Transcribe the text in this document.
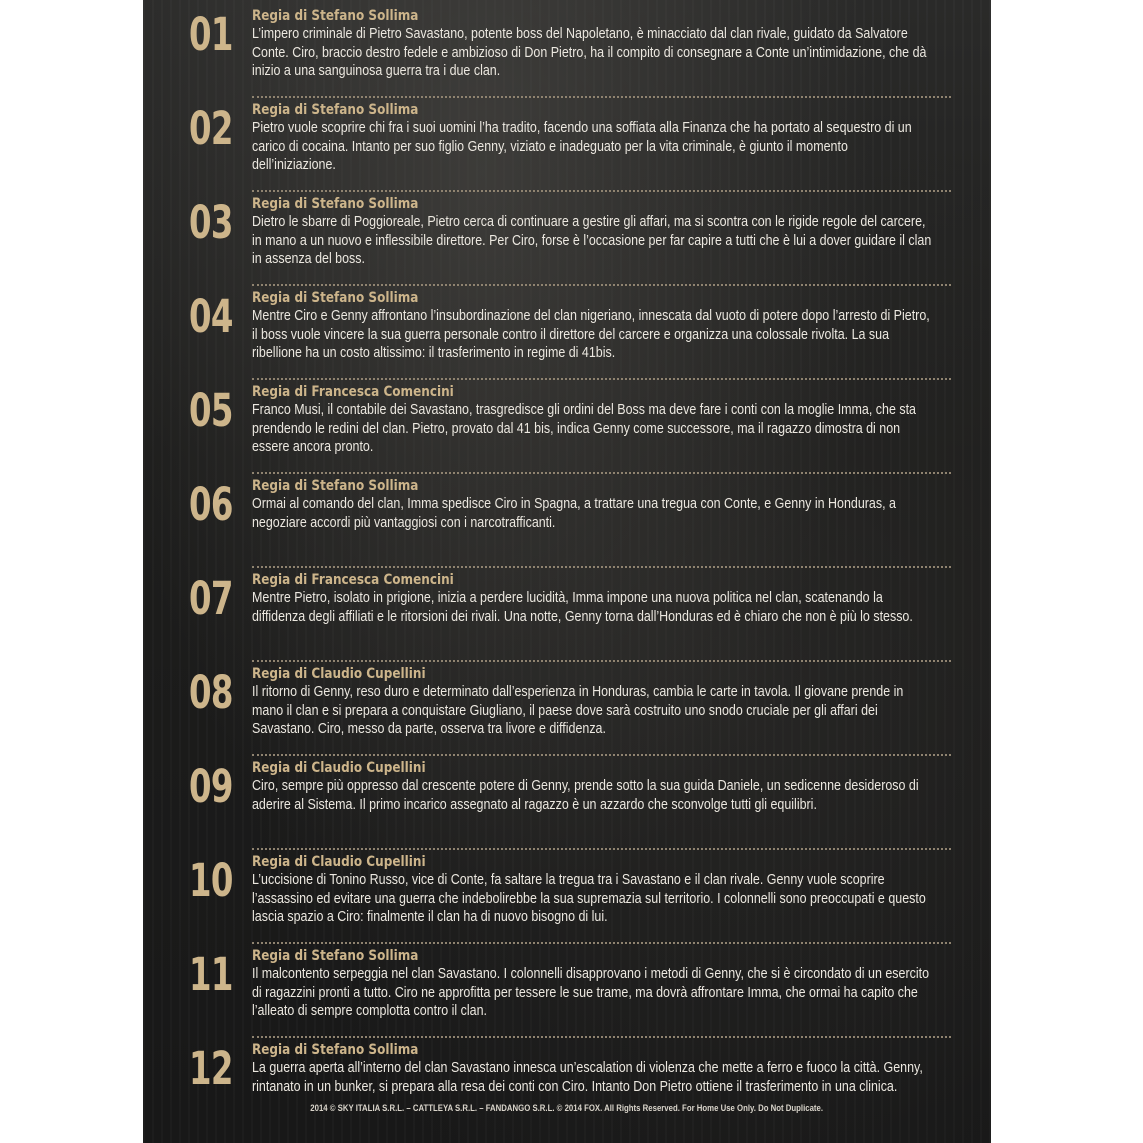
01 Regia di Stefano Sollima
L’impero criminale di Pietro Savastano, potente boss del Napoletano, è minacciato dal clan rivale, guidato da Salvatore Conte. Ciro, braccio destro fedele e ambizioso di Don Pietro, ha il compito di consegnare a Conte un’intimidazione, che dà inizio a una sanguinosa guerra tra i due clan.
02 Regia di Stefano Sollima
Pietro vuole scoprire chi fra i suoi uomini l’ha tradito, facendo una soffiata alla Finanza che ha portato al sequestro di un carico di cocaina. Intanto per suo figlio Genny, viziato e inadeguato per la vita criminale, è giunto il momento dell’iniziazione.
03 Regia di Stefano Sollima
Dietro le sbarre di Poggioreale, Pietro cerca di continuare a gestire gli affari, ma si scontra con le rigide regole del carcere, in mano a un nuovo e inflessibile direttore. Per Ciro, forse è l’occasione per far capire a tutti che è lui a dover guidare il clan in assenza del boss.
04 Regia di Stefano Sollima
Mentre Ciro e Genny affrontano l’insubordinazione del clan nigeriano, innescata dal vuoto di potere dopo l’arresto di Pietro, il boss vuole vincere la sua guerra personale contro il direttore del carcere e organizza una colossale rivolta. La sua ribellione ha un costo altissimo: il trasferimento in regime di 41bis.
05 Regia di Francesca Comencini
Franco Musi, il contabile dei Savastano, trasgredisce gli ordini del Boss ma deve fare i conti con la moglie Imma, che sta prendendo le redini del clan. Pietro, provato dal 41 bis, indica Genny come successore, ma il ragazzo dimostra di non essere ancora pronto.
06 Regia di Stefano Sollima
Ormai al comando del clan, Imma spedisce Ciro in Spagna, a trattare una tregua con Conte, e Genny in Honduras, a negoziare accordi più vantaggiosi con i narcotrafficanti.
07 Regia di Francesca Comencini
Mentre Pietro, isolato in prigione, inizia a perdere lucidità, Imma impone una nuova politica nel clan, scatenando la diffidenza degli affiliati e le ritorsioni dei rivali. Una notte, Genny torna dall’Honduras ed è chiaro che non è più lo stesso.
08 Regia di Claudio Cupellini
Il ritorno di Genny, reso duro e determinato dall’esperienza in Honduras, cambia le carte in tavola. Il giovane prende in mano il clan e si prepara a conquistare Giugliano, il paese dove sarà costruito uno snodo cruciale per gli affari dei Savastano. Ciro, messo da parte, osserva tra livore e diffidenza.
09 Regia di Claudio Cupellini
Ciro, sempre più oppresso dal crescente potere di Genny, prende sotto la sua guida Daniele, un sedicenne desideroso di aderire al Sistema. Il primo incarico assegnato al ragazzo è un azzardo che sconvolge tutti gli equilibri.
10 Regia di Claudio Cupellini
L’uccisione di Tonino Russo, vice di Conte, fa saltare la tregua tra i Savastano e il clan rivale. Genny vuole scoprire l’assassino ed evitare una guerra che indebolirebbe la sua supremazia sul territorio. I colonnelli sono preoccupati e questo lascia spazio a Ciro: finalmente il clan ha di nuovo bisogno di lui.
11 Regia di Stefano Sollima
Il malcontento serpeggia nel clan Savastano. I colonnelli disapprovano i metodi di Genny, che si è circondato di un esercito di ragazzini pronti a tutto. Ciro ne approfitta per tessere le sue trame, ma dovrà affrontare Imma, che ormai ha capito che l’alleato di sempre complotta contro il clan.
12 Regia di Stefano Sollima
La guerra aperta all’interno del clan Savastano innesca un’escalation di violenza che mette a ferro e fuoco la città. Genny, rintanato in un bunker, si prepara alla resa dei conti con Ciro. Intanto Don Pietro ottiene il trasferimento in una clinica.
2014 © SKY ITALIA S.R.L. – CATTLEYA S.R.L. – FANDANGO S.R.L. © 2014 FOX. All Rights Reserved. For Home Use Only. Do Not Duplicate.
